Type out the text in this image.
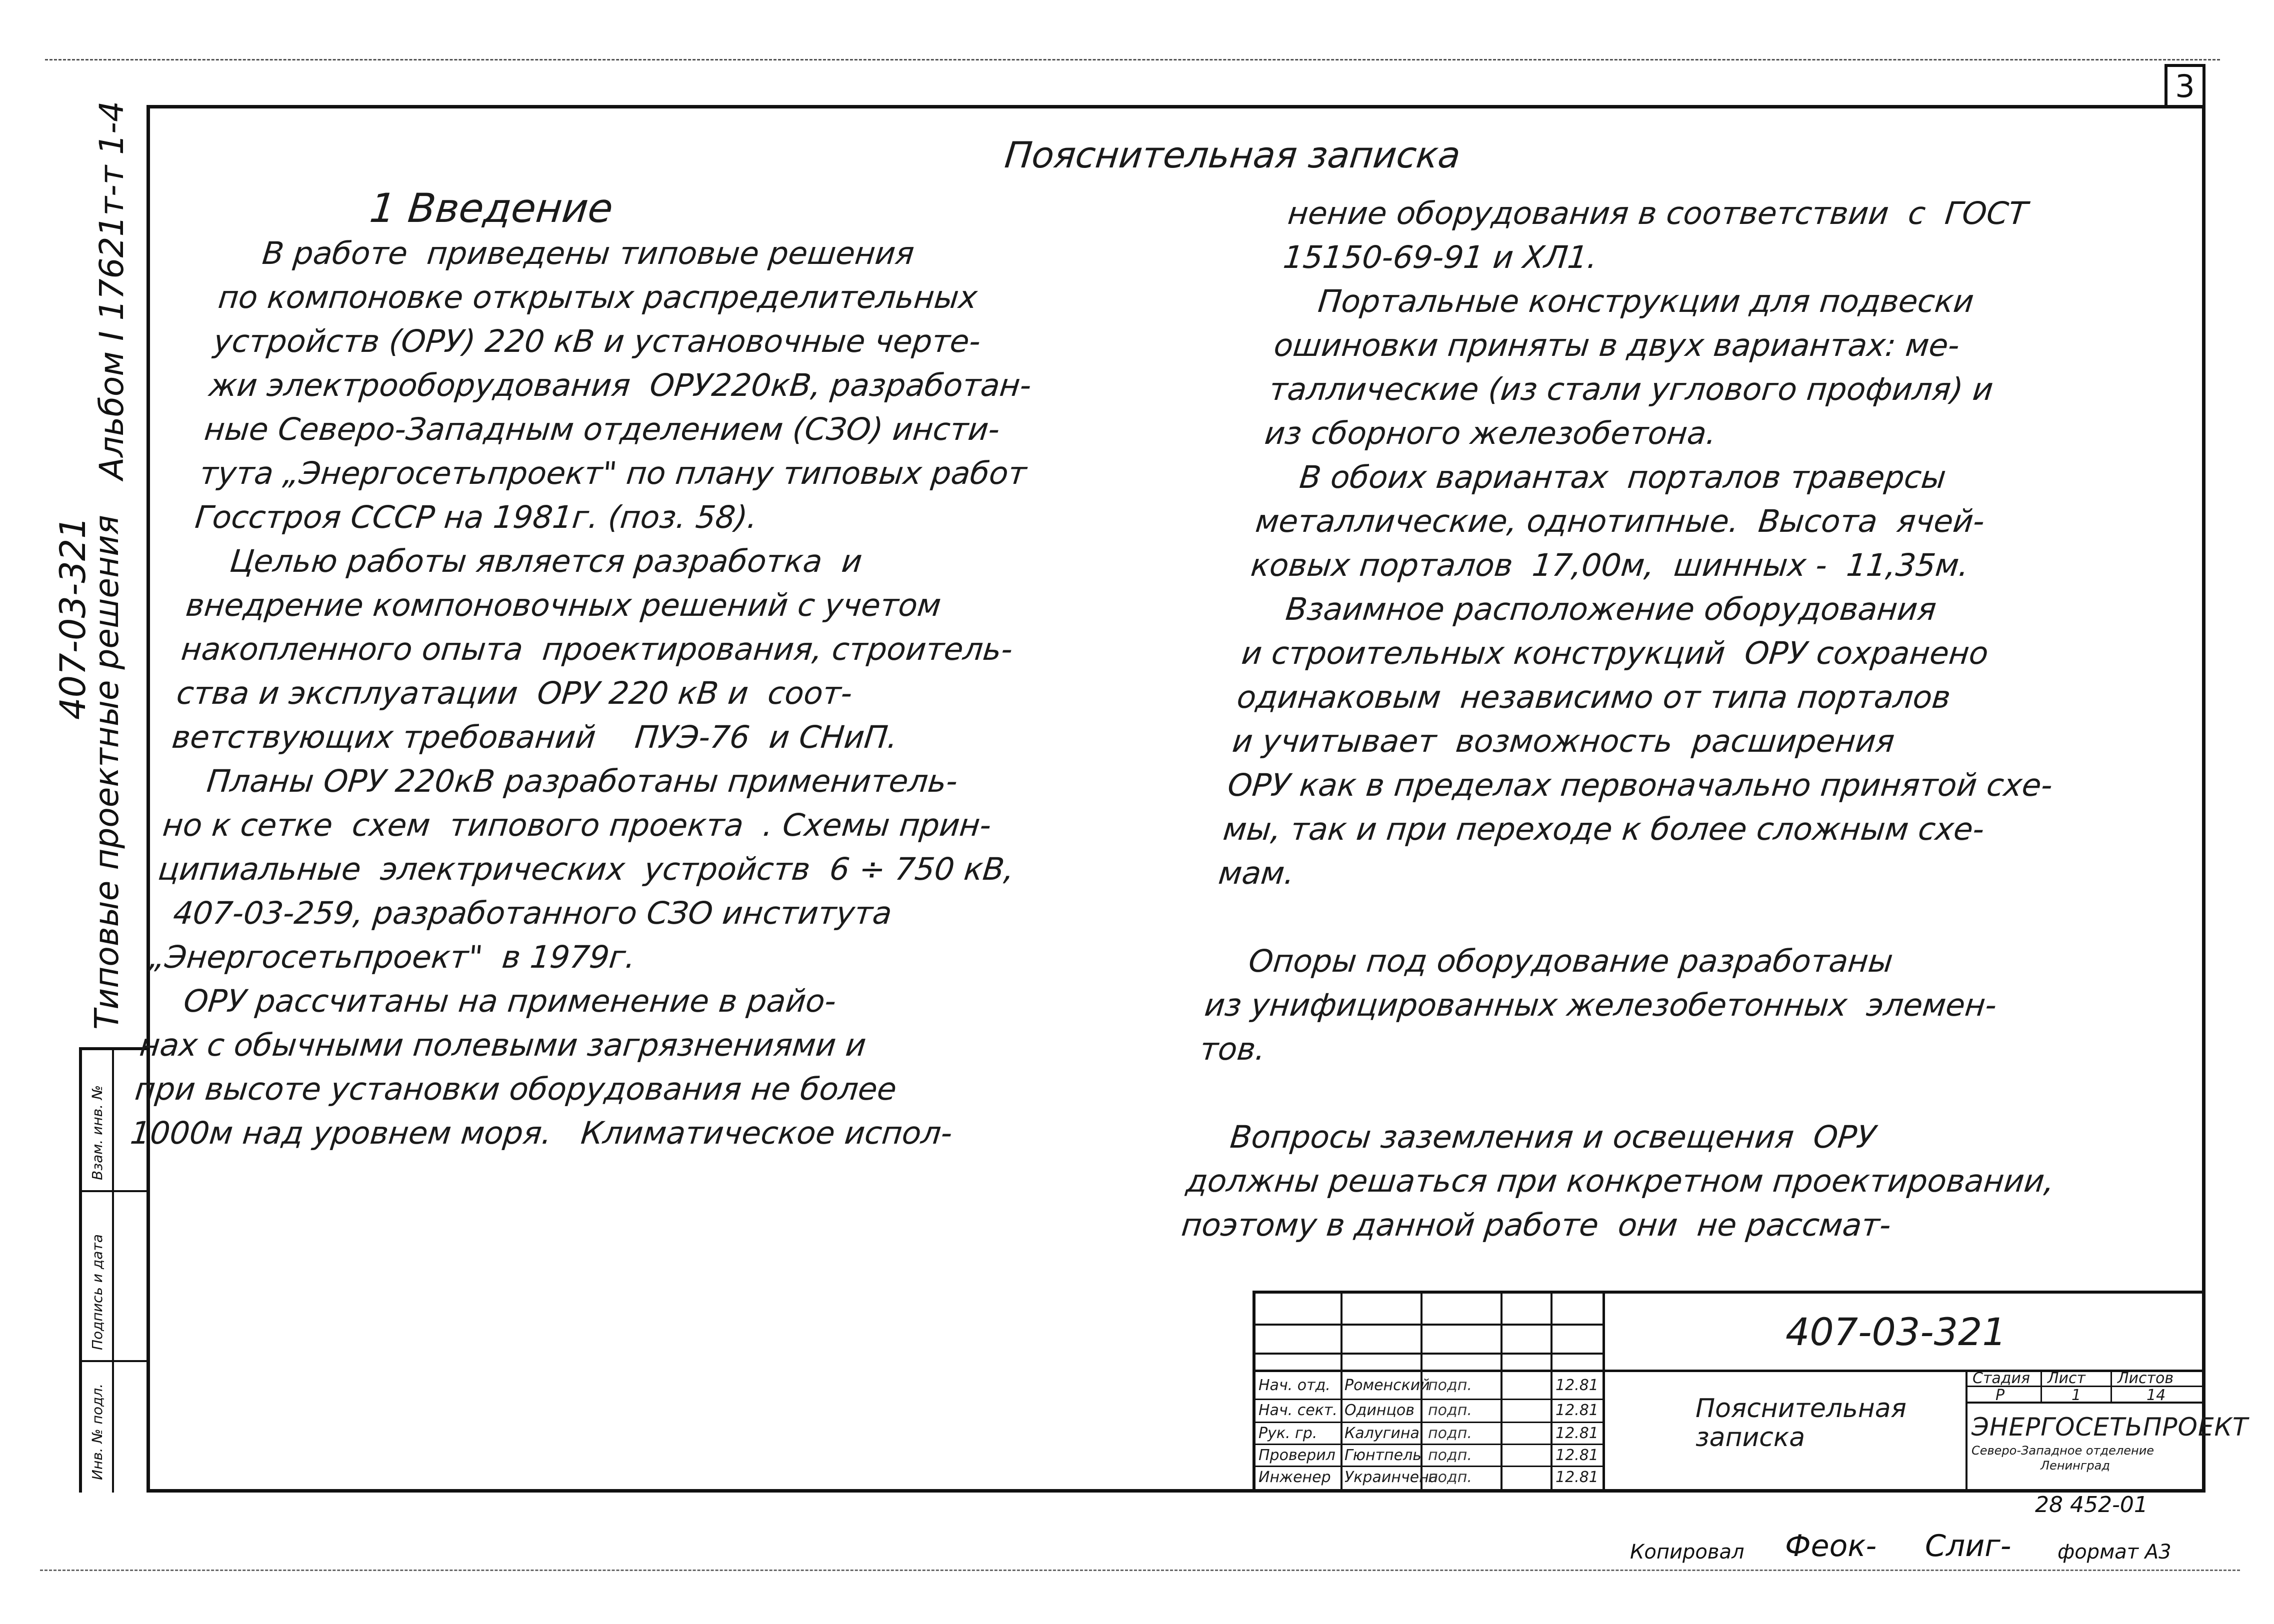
3
Альбом I 17621т-т 1-4
407-03-321
Типовые проектные решения
Инв. № подл.
Подпись и дата
Взам. инв. №
Пояснительная записка
1 Введение
В работе  приведены типовые решения
по компоновке открытых распределительных
устройств (ОРУ) 220 кВ и установочные черте-
жи электрооборудования  ОРУ220кВ, разработан-
ные Северо-Западным отделением (СЗО) инсти-
тута „Энергосетьпроект" по плану типовых работ
Госстроя СССР на 1981г. (поз. 58).
Целью работы является разработка  и
внедрение компоновочных решений с учетом
накопленного опыта  проектирования, строитель-
ства и эксплуатации  ОРУ 220 кВ и  соот-
ветствующих требований    ПУЭ-76  и СНиП.
Планы ОРУ 220кВ разработаны применитель-
но к сетке  схем  типового проекта  . Схемы прин-
ципиальные  электрических  устройств  6 ÷ 750 кВ,
407-03-259, разработанного СЗО института
„Энергосетьпроект"  в 1979г.
ОРУ рассчитаны на применение в райо-
нах с обычными полевыми загрязнениями и
при высоте установки оборудования не более
1000м над уровнем моря.   Климатическое испол-
нение оборудования в соответствии  с  ГОСТ
15150-69-91 и ХЛ1.
Портальные конструкции для подвески
ошиновки приняты в двух вариантах: ме-
таллические (из стали углового профиля) и
из сборного железобетона.
В обоих вариантах  порталов траверсы
металлические, однотипные.  Высота  ячей-
ковых порталов  17,00м,  шинных -  11,35м.
Взаимное расположение оборудования
и строительных конструкций  ОРУ сохранено
одинаковым  независимо от типа порталов
и учитывает  возможность  расширения
ОРУ как в пределах первоначально принятой схе-
мы, так и при переходе к более сложным схе-
мам.
Опоры под оборудование разработаны
из унифицированных железобетонных  элемен-
тов.
Вопросы заземления и освещения  ОРУ
должны решаться при конкретном проектировании,
поэтому в данной работе  они  не рассмат-
407-03-321
Пояснительная
записка
Нач. отд.
Нач. сект.
Рук. гр.
Проверил
Инженер
Роменский
Одинцов
Калугина
Гюнтпель
Украинчена
подп.
подп.
подп.
подп.
подп.
12.81
12.81
12.81
12.81
12.81
Стадия Лист Листов
Р	1	14
ЭНЕРГОСЕТЬПРОЕКТ
Северо-Западное отделение
Ленинград
28 452-01
Копировал Феок- Слиг- формат А3
